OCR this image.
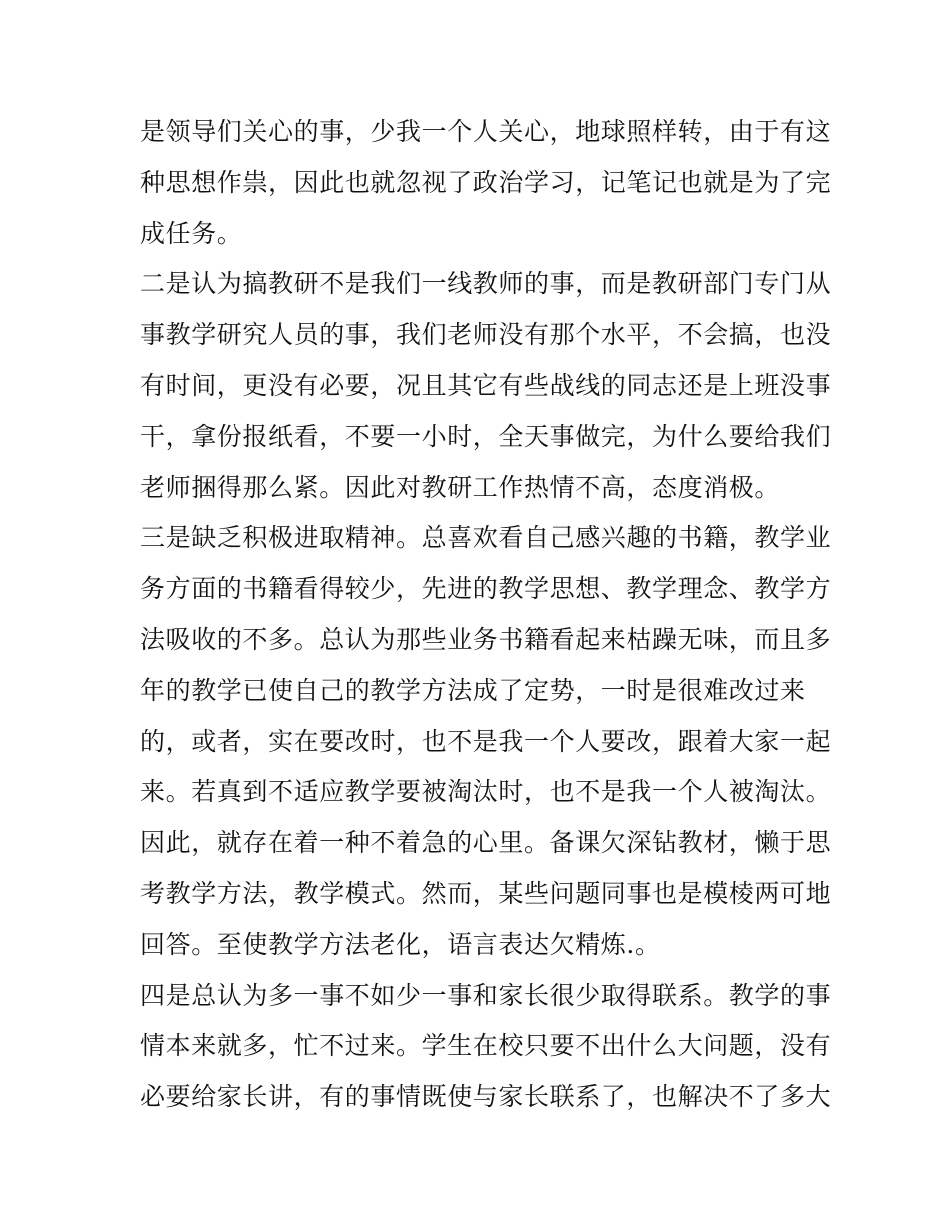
是领导们关心的事，少我一个人关心，地球照样转，由于有这
种思想作祟，因此也就忽视了政治学习，记笔记也就是为了完
成任务。
二是认为搞教研不是我们一线教师的事，而是教研部门专门从
事教学研究人员的事，我们老师没有那个水平，不会搞，也没
有时间，更没有必要，况且其它有些战线的同志还是上班没事
干，拿份报纸看，不要一小时，全天事做完，为什么要给我们
老师捆得那么紧。因此对教研工作热情不高，态度消极。
三是缺乏积极进取精神。总喜欢看自己感兴趣的书籍，教学业
务方面的书籍看得较少，先进的教学思想、教学理念、教学方
法吸收的不多。总认为那些业务书籍看起来枯躁无味，而且多
年的教学已使自己的教学方法成了定势，一时是很难改过来
的，或者，实在要改时，也不是我一个人要改，跟着大家一起
来。若真到不适应教学要被淘汰时，也不是我一个人被淘汰。
因此，就存在着一种不着急的心里。备课欠深钻教材，懒于思
考教学方法，教学模式。然而，某些问题同事也是模棱两可地
回答。至使教学方法老化，语言表达欠精炼.。
四是总认为多一事不如少一事和家长很少取得联系。教学的事
情本来就多，忙不过来。学生在校只要不出什么大问题，没有
必要给家长讲，有的事情既使与家长联系了，也解决不了多大
